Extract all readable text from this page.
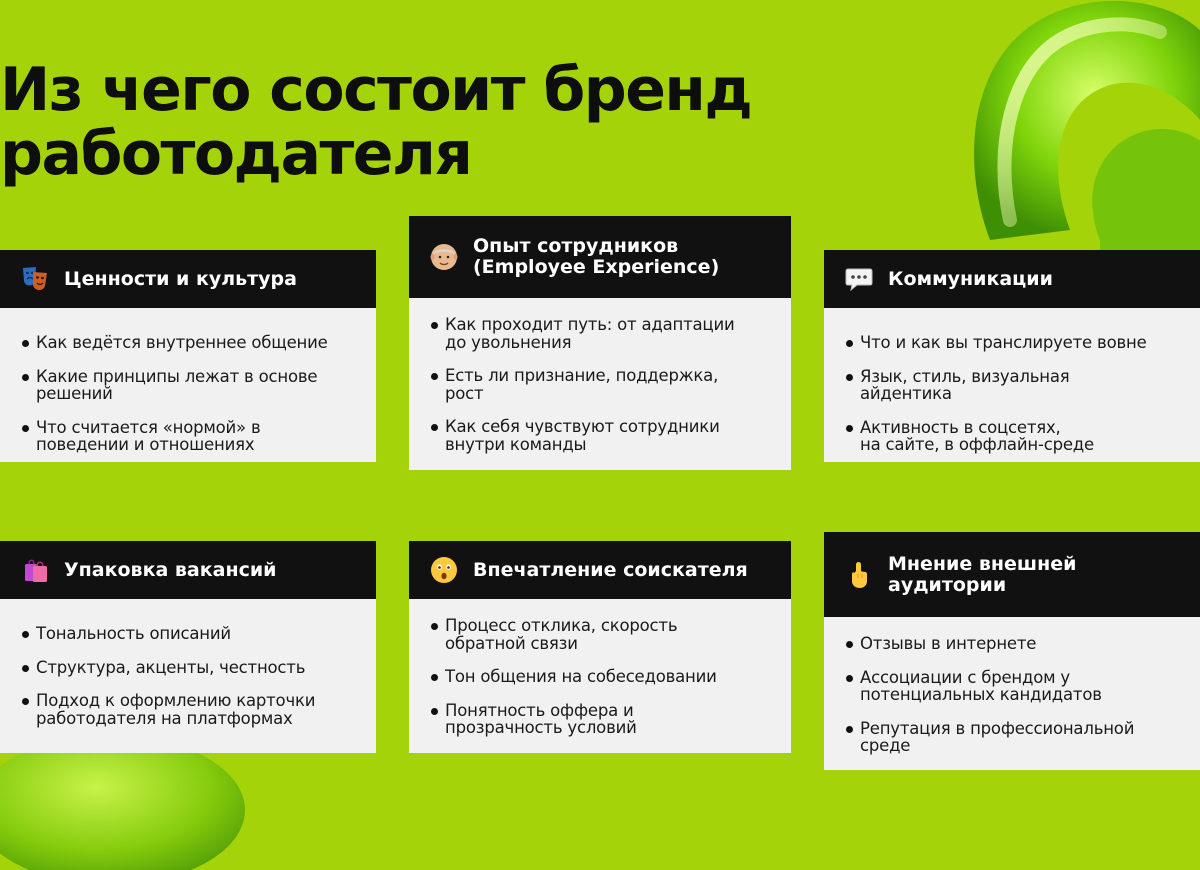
Из чего состоит бренд
работодателя
Ценности и культура
Как ведётся внутреннее общение
Какие принципы лежат в основе
решений
Что считается «нормой» в
поведении и отношениях
Опыт сотрудников
(Employee Experience)
Как проходит путь: от адаптации
до увольнения
Есть ли признание, поддержка,
рост
Как себя чувствуют сотрудники
внутри команды
Коммуникации
Что и как вы транслируете вовне
Язык, стиль, визуальная
айдентика
Активность в соцсетях,
на сайте, в оффлайн-среде
Упаковка вакансий
Тональность описаний
Структура, акценты, честность
Подход к оформлению карточки
работодателя на платформах
Впечатление соискателя
Процесс отклика, скорость
обратной связи
Тон общения на собеседовании
Понятность оффера и
прозрачность условий
Мнение внешней
аудитории
Отзывы в интернете
Ассоциации с брендом у
потенциальных кандидатов
Репутация в профессиональной
среде
